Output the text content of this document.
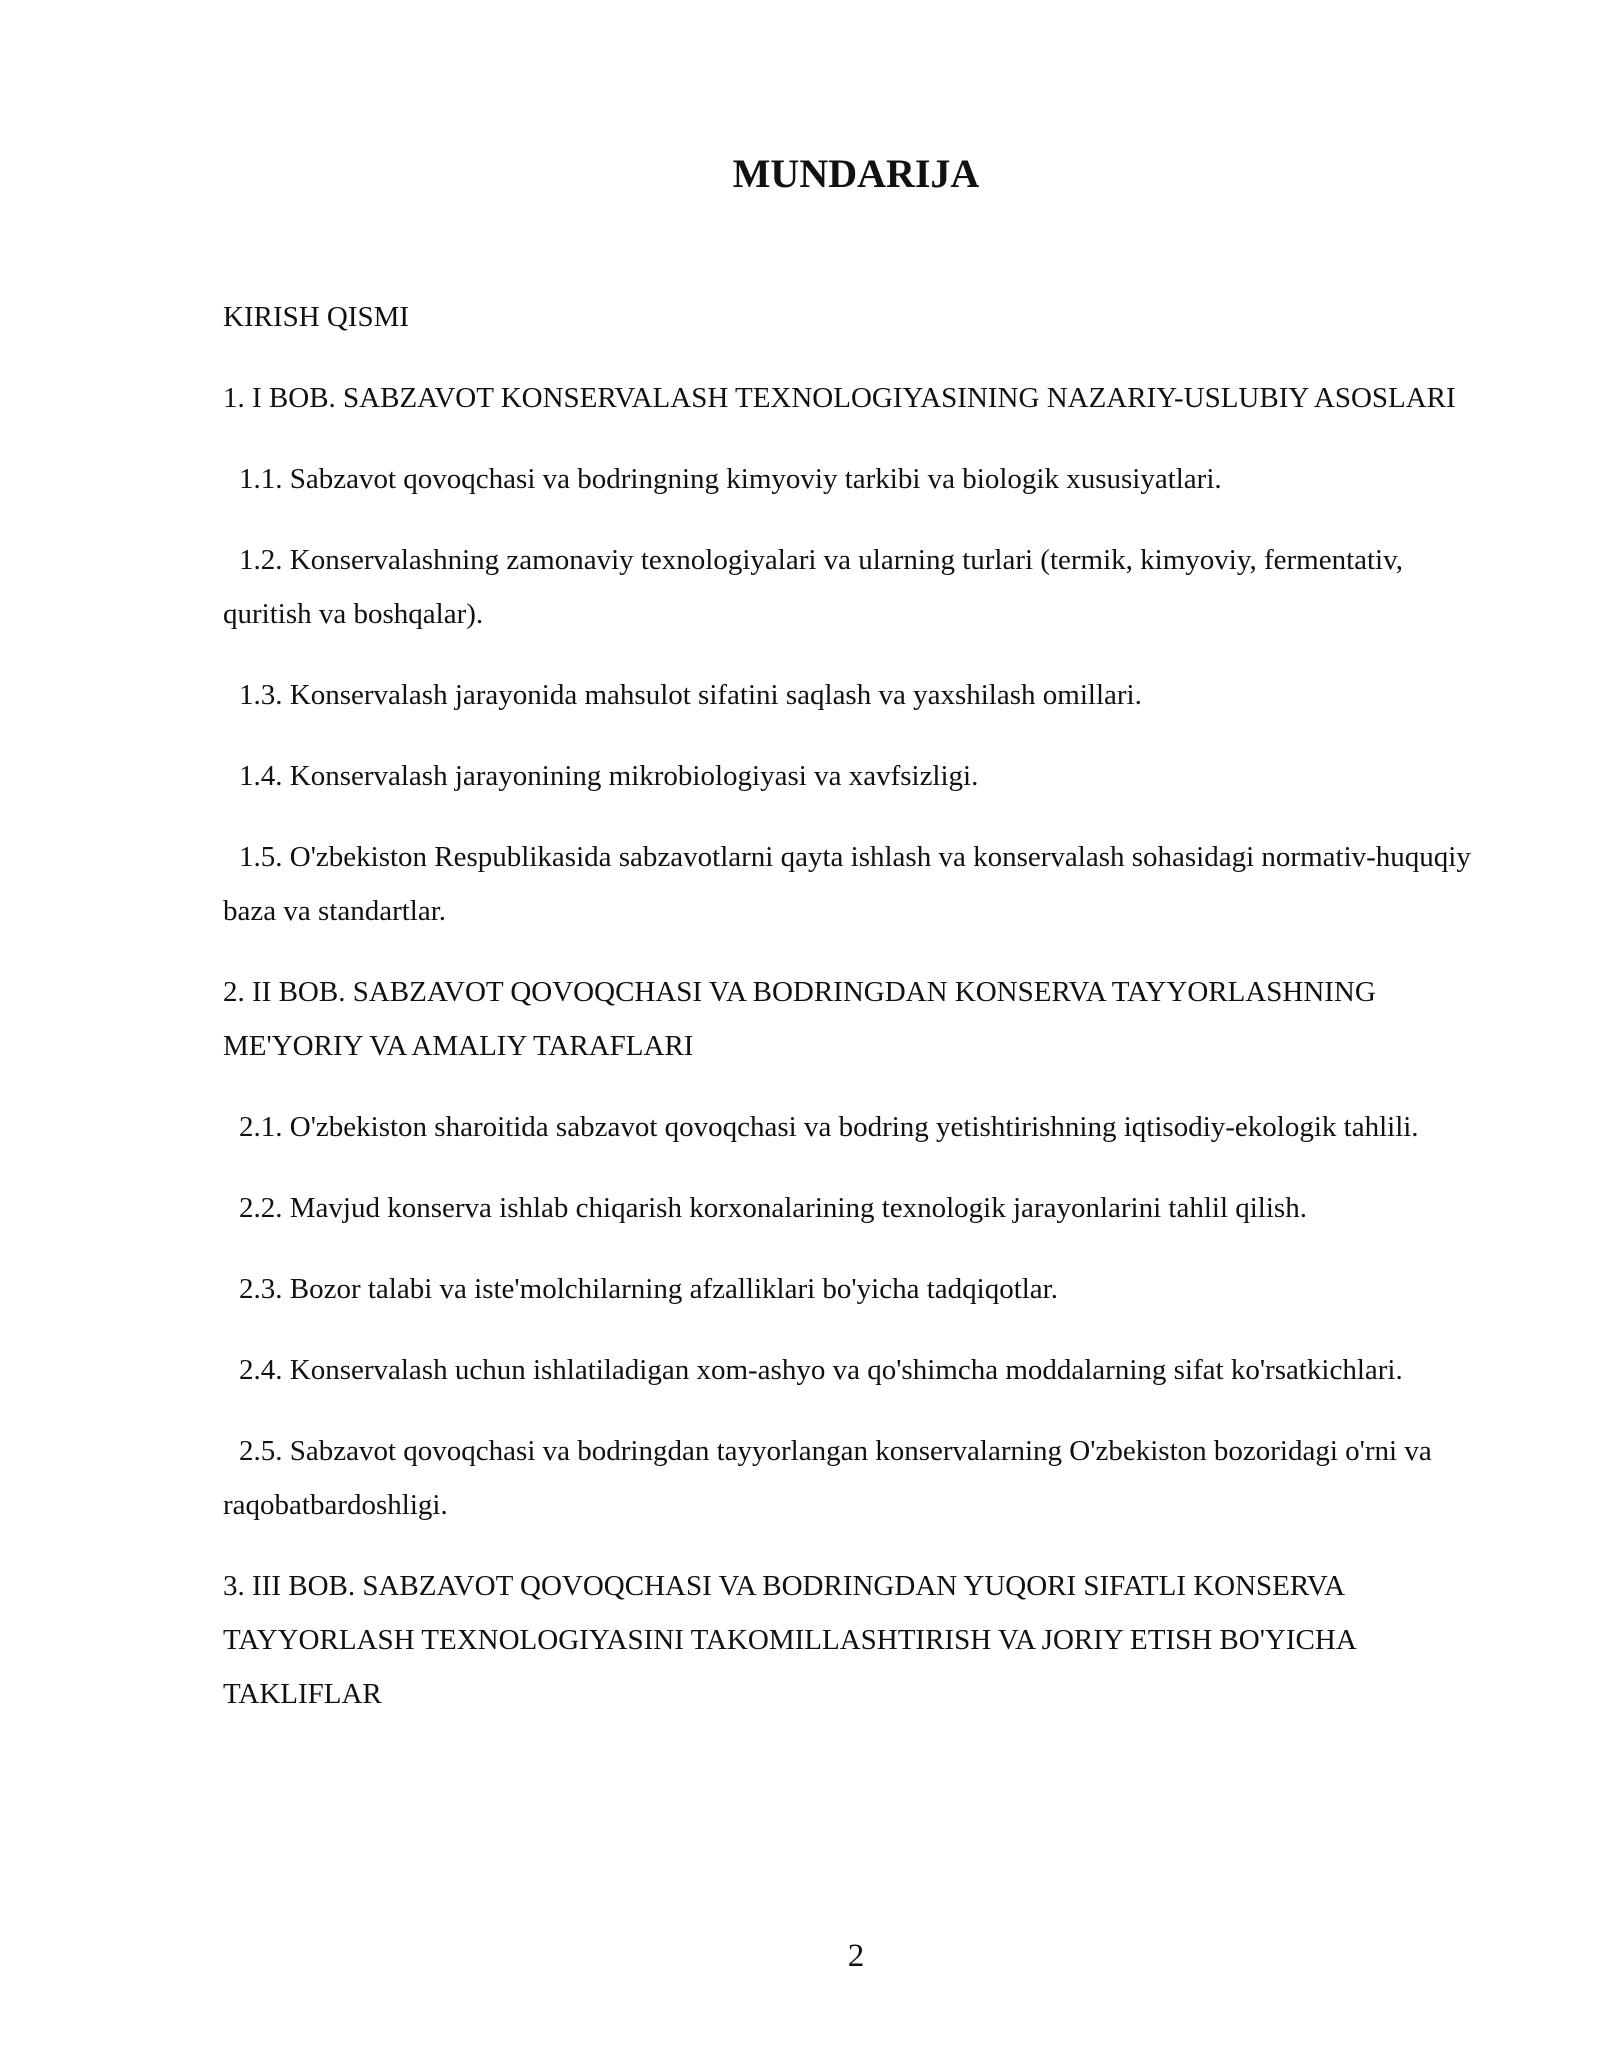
MUNDARIJA

KIRISH QISMI

1. I BOB. SABZAVOT KONSERVALASH TEXNOLOGIYASINING NAZARIY-USLUBIY ASOSLARI

1.1. Sabzavot qovoqchasi va bodringning kimyoviy tarkibi va biologik xususiyatlari.

1.2. Konservalashning zamonaviy texnologiyalari va ularning turlari (termik, kimyoviy, fermentativ, quritish va boshqalar).

1.3. Konservalash jarayonida mahsulot sifatini saqlash va yaxshilash omillari.

1.4. Konservalash jarayonining mikrobiologiyasi va xavfsizligi.

1.5. O'zbekiston Respublikasida sabzavotlarni qayta ishlash va konservalash sohasidagi normativ-huquqiy baza va standartlar.

2. II BOB. SABZAVOT QOVOQCHASI VA BODRINGDAN KONSERVA TAYYORLASHNING ME'YORIY VA AMALIY TARAFLARI

2.1. O'zbekiston sharoitida sabzavot qovoqchasi va bodring yetishtirishning iqtisodiy-ekologik tahlili.

2.2. Mavjud konserva ishlab chiqarish korxonalarining texnologik jarayonlarini tahlil qilish.

2.3. Bozor talabi va iste'molchilarning afzalliklari bo'yicha tadqiqotlar.

2.4. Konservalash uchun ishlatiladigan xom-ashyo va qo'shimcha moddalarning sifat ko'rsatkichlari.

2.5. Sabzavot qovoqchasi va bodringdan tayyorlangan konservalarning O'zbekiston bozoridagi o'rni va raqobatbardoshligi.

3. III BOB. SABZAVOT QOVOQCHASI VA BODRINGDAN YUQORI SIFATLI KONSERVA TAYYORLASH TEXNOLOGIYASINI TAKOMILLASHTIRISH VA JORIY ETISH BO'YICHA TAKLIFLAR

2
